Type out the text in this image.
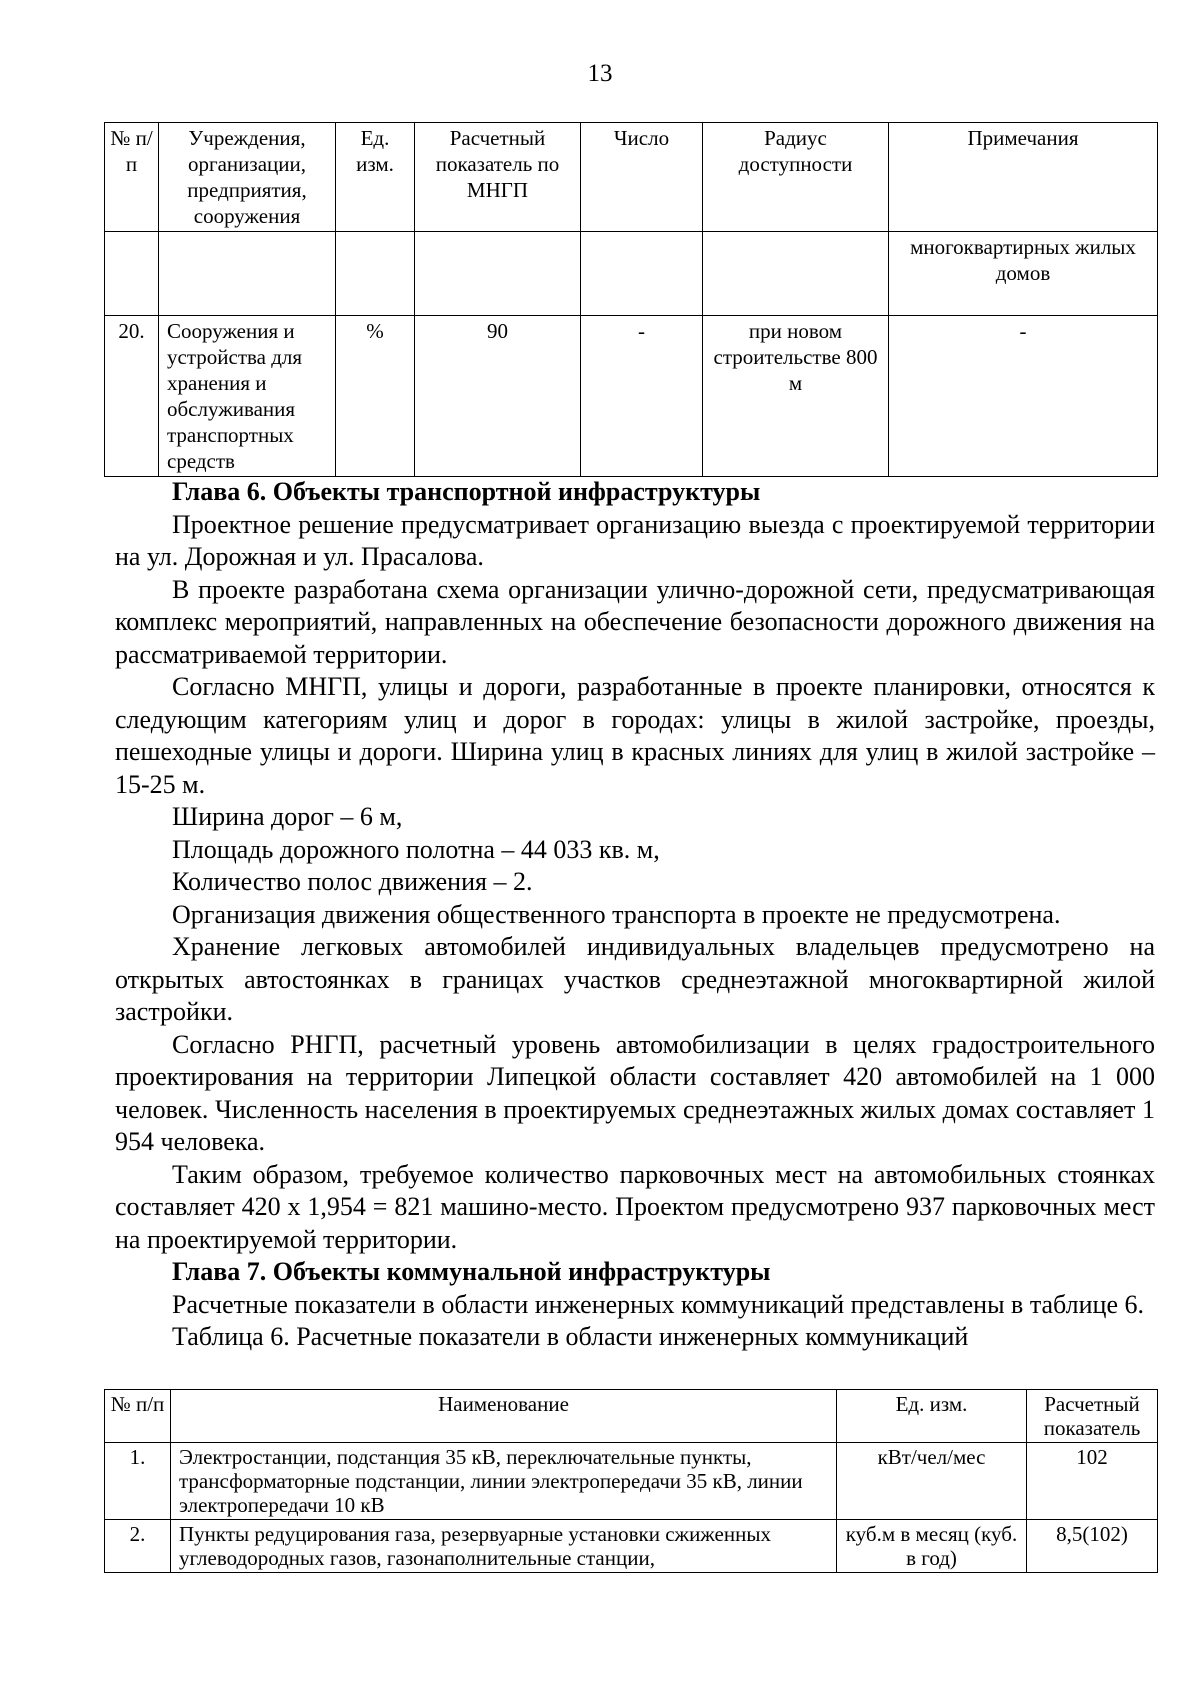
13
№ п/п	Учреждения, организации, предприятия, сооружения	Ед. изм.	Расчетный показатель по МНГП	Число	Радиус доступности	Примечания
						многоквартирных жилых домов
20.	Сооружения и устройства для хранения и обслуживания транспортных средств	%	90	-	при новом строительстве 800 м	-

Глава 6. Объекты транспортной инфраструктуры

Проектное решение предусматривает организацию выезда с проектируемой территории на ул. Дорожная и ул. Прасалова.

В проекте разработана схема организации улично-дорожной сети, предусматривающая комплекс мероприятий, направленных на обеспечение безопасности дорожного движения на рассматриваемой территории.

Согласно МНГП, улицы и дороги, разработанные в проекте планировки, относятся к следующим категориям улиц и дорог в городах: улицы в жилой застройке, проезды, пешеходные улицы и дороги. Ширина улиц в красных линиях для улиц в жилой застройке – 15-25 м.

Ширина дорог – 6 м,

Площадь дорожного полотна – 44 033 кв. м,

Количество полос движения – 2.

Организация движения общественного транспорта в проекте не предусмотрена.

Хранение легковых автомобилей индивидуальных владельцев предусмотрено на открытых автостоянках в границах участков среднеэтажной многоквартирной жилой застройки.

Согласно РНГП, расчетный уровень автомобилизации в целях градостроительного проектирования на территории Липецкой области составляет 420 автомобилей на 1 000 человек. Численность населения в проектируемых среднеэтажных жилых домах составляет 1 954 человека.

Таким образом, требуемое количество парковочных мест на автомобильных стоянках составляет 420 х 1,954 = 821 машино-место. Проектом предусмотрено 937 парковочных мест на проектируемой территории.

Глава 7. Объекты коммунальной инфраструктуры

Расчетные показатели в области инженерных коммуникаций представлены в таблице 6.

Таблица 6. Расчетные показатели в области инженерных коммуникаций

№ п/п	Наименование	Ед. изм.	Расчетный показатель
1.	Электростанции, подстанция 35 кВ, переключательные пункты, трансформаторные подстанции, линии электропередачи 35 кВ, линии электропередачи 10 кВ	кВт/чел/мес	102
2.	Пункты редуцирования газа, резервуарные установки сжиженных углеводородных газов, газонаполнительные станции,	куб.м в месяц (куб. в год)	8,5(102)
